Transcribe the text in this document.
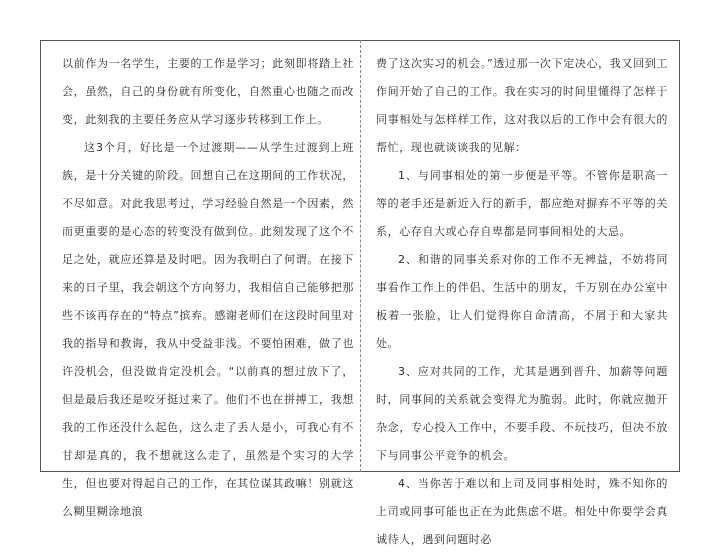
以前作为一名学生，主要的工作是学习；此刻即将踏上社会，虽然，自己的身份就有所变化，自然重心也随之而改变，此刻我的主要任务应从学习逐步转移到工作上。

这3个月，好比是一个过渡期——从学生过渡到上班族，是十分关键的阶段。回想自己在这期间的工作状况，不尽如意。对此我思考过，学习经验自然是一个因素，然而更重要的是心态的转变没有做到位。此刻发现了这个不足之处，就应还算是及时吧。因为我明白了何谓。在接下来的日子里，我会朝这个方向努力，我相信自己能够把那些不该再存在的“特点”摈弃。感谢老师们在这段时间里对我的指导和教诲，我从中受益非浅。不要怕困难，做了也许没机会，但没做肯定没机会。“以前真的想过放下了，但是最后我还是咬牙挺过来了。他们不也在拼搏工，我想我的工作还没什么起色，这么走了丢人是小，可我心有不甘却是真的，我不想就这么走了，虽然是个实习的大学生，但也要对得起自己的工作，在其位谋其政嘛！别就这么糊里糊涂地浪

费了这次实习的机会。”透过那一次下定决心，我又回到工作间开始了自己的工作。我在实习的时间里懂得了怎样于同事相处与怎样样工作，这对我以后的工作中会有很大的帮忙，现也就谈谈我的见解：

1、与同事相处的第一步便是平等。不管你是职高一等的老手还是新近入行的新手，都应绝对摒弃不平等的关系，心存自大或心存自卑都是同事间相处的大忌。

2、和谐的同事关系对你的工作不无裨益，不妨将同事看作工作上的伴侣、生活中的朋友，千万别在办公室中板着一张脸，让人们觉得你自命清高，不屑于和大家共处。

3、应对共同的工作，尤其是遇到晋升、加薪等问题时，同事间的关系就会变得尤为脆弱。此时，你就应拋开杂念，专心投入工作中，不要手段、不玩技巧，但决不放下与同事公平竞争的机会。

4、当你苦于难以和上司及同事相处时，殊不知你的上司或同事可能也正在为此焦虑不堪。相处中你要学会真诚待人，遇到问题时必
